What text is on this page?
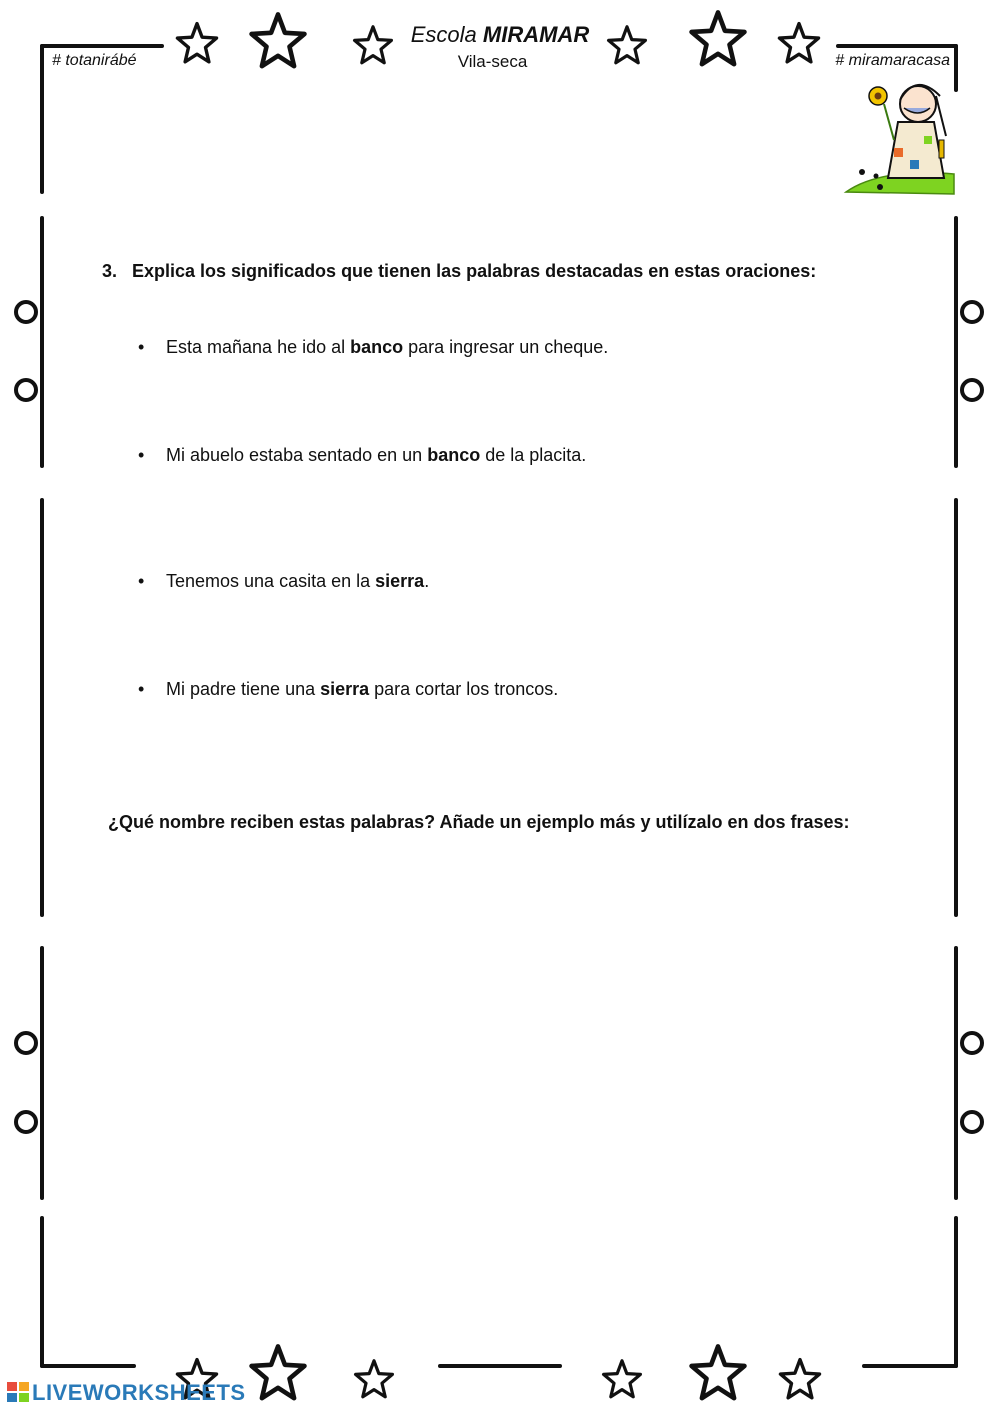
Escola MIRAMAR
Vila-seca
# totanirábé	# miramaracasa
3. Explica los significados que tienen las palabras destacadas en estas oraciones:
• Esta mañana he ido al banco para ingresar un cheque.
• Mi abuelo estaba sentado en un banco de la placita.
• Tenemos una casita en la sierra.
• Mi padre tiene una sierra para cortar los troncos.
¿Qué nombre reciben estas palabras? Añade un ejemplo más y utilízalo en dos frases:
LIVEWORKSHEETS
